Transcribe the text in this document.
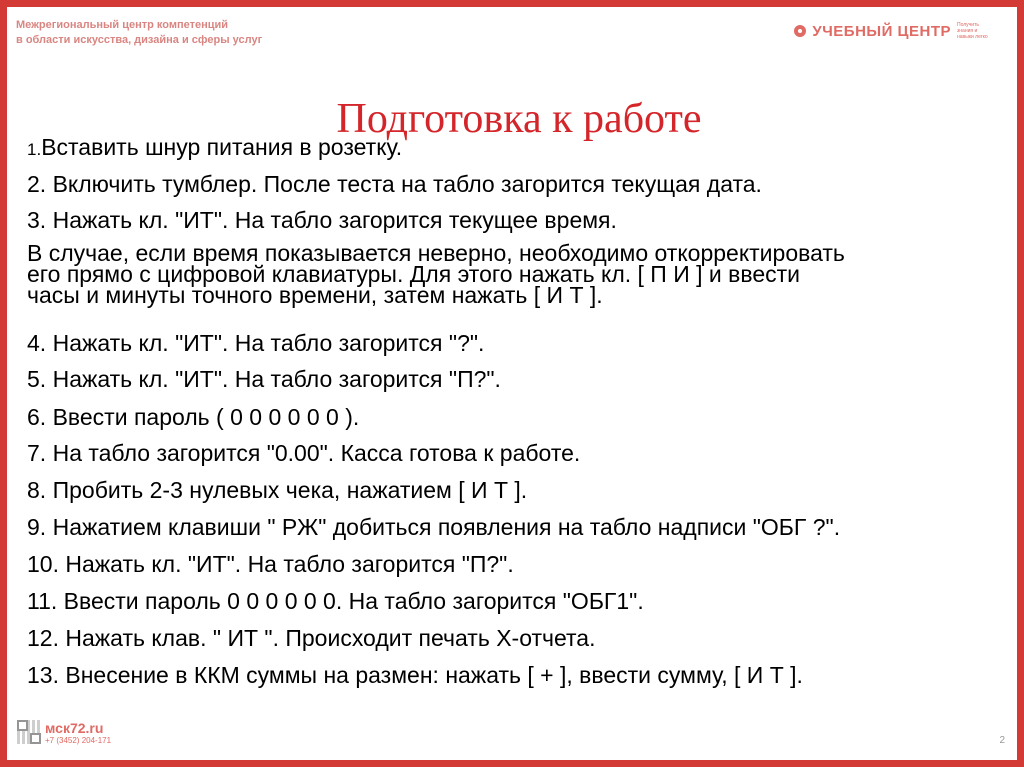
Межрегиональный центр компетенций
в области искусства, дизайна и сферы услуг
УЧЕБНЫЙ ЦЕНТР Получить знания и навыки легко
Подготовка к работе
1.Вставить шнур питания в розетку.
2. Включить тумблер. После теста на табло загорится текущая дата.
3. Нажать кл. "ИТ". На табло загорится текущее время.
В случае, если время показывается неверно, необходимо откорректировать
его прямо с цифровой клавиатуры. Для этого нажать кл. [ П И ] и ввести
часы и минуты точного времени, затем нажать [ И Т ].
4. Нажать кл. "ИТ". На табло загорится "?".
5. Нажать кл. "ИТ". На табло загорится "П?".
6. Ввести пароль ( 0 0 0 0 0 0 ).
7. На табло загорится "0.00". Касса готова к работе.
8. Пробить 2-3 нулевых чека, нажатием [ И Т ].
9. Нажатием клавиши " РЖ" добиться появления на табло надписи "ОБГ ?".
10. Нажать кл. "ИТ". На табло загорится "П?".
11. Ввести пароль 0 0 0 0 0 0. На табло загорится "ОБГ1".
12. Нажать клав. " ИТ ". Происходит печать Х-отчета.
13. Внесение в ККМ суммы на размен: нажать [ + ], ввести сумму, [ И Т ].
мск72.ru
+7 (3452) 204-171	2
